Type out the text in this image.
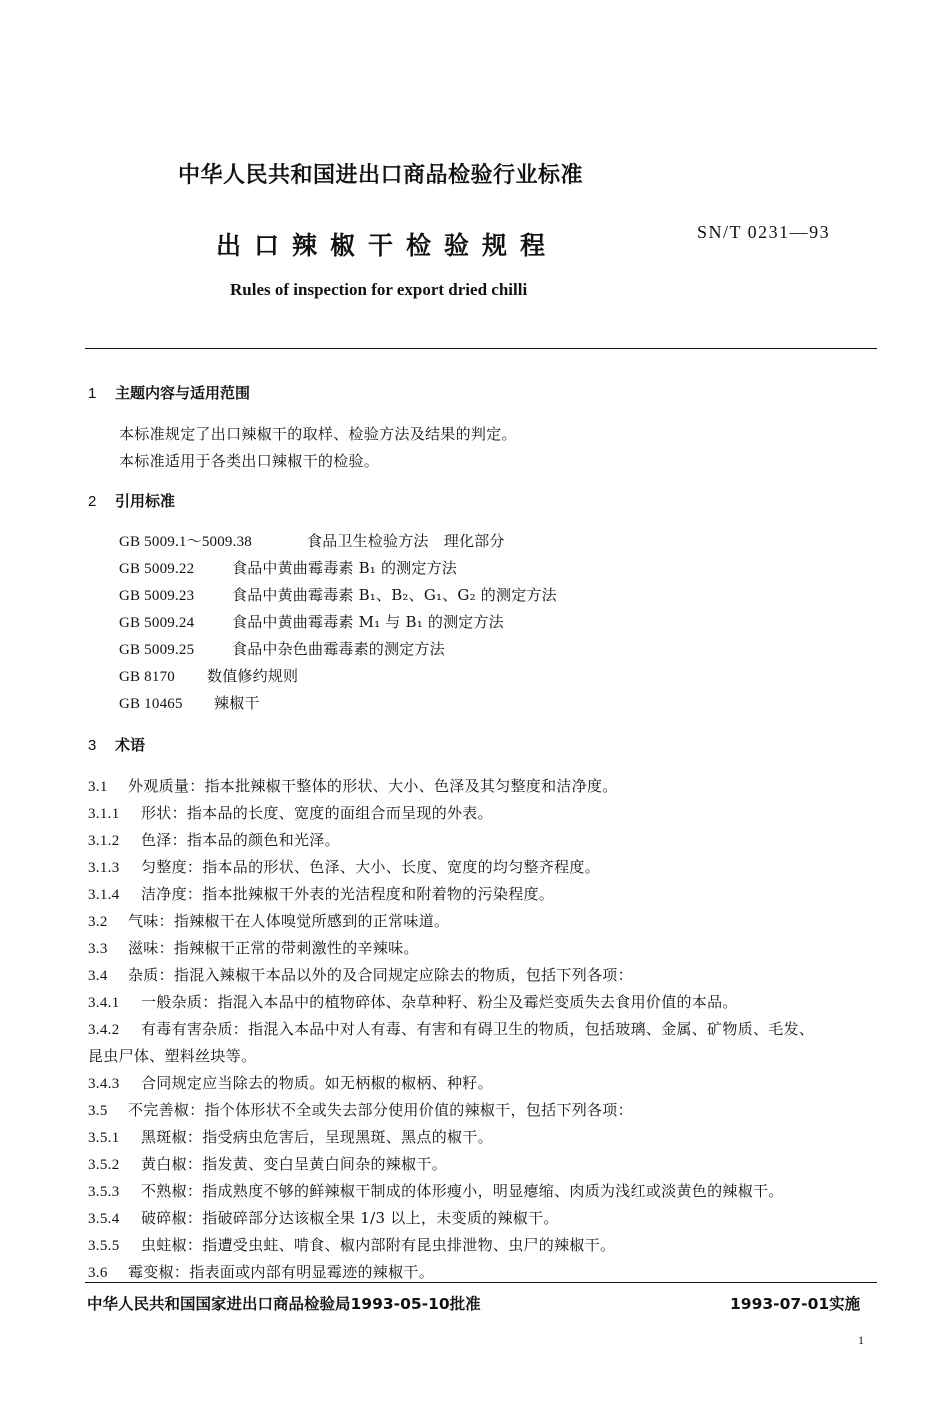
中华人民共和国进出口商品检验行业标准
出口辣椒干检验规程	SN/T 0231—93
Rules of inspection for export dried chilli
1 主题内容与适用范围
本标准规定了出口辣椒干的取样、检验方法及结果的判定。
本标准适用于各类出口辣椒干的检验。
2 引用标准
GB 5009.1～5009.38	食品卫生检验方法　理化部分
GB 5009.22	食品中黄曲霉毒素 B₁ 的测定方法
GB 5009.23	食品中黄曲霉毒素 B₁、B₂、G₁、G₂ 的测定方法
GB 5009.24	食品中黄曲霉毒素 M₁ 与 B₁ 的测定方法
GB 5009.25	食品中杂色曲霉毒素的测定方法
GB 8170 数值修约规则
GB 10465 辣椒干
3 术语
3.1 外观质量：指本批辣椒干整体的形状、大小、色泽及其匀整度和洁净度。
3.1.1 形状：指本品的长度、宽度的面组合而呈现的外表。
3.1.2 色泽：指本品的颜色和光泽。
3.1.3 匀整度：指本品的形状、色泽、大小、长度、宽度的均匀整齐程度。
3.1.4 洁净度：指本批辣椒干外表的光洁程度和附着物的污染程度。
3.2 气味：指辣椒干在人体嗅觉所感到的正常味道。
3.3 滋味：指辣椒干正常的带刺激性的辛辣味。
3.4 杂质：指混入辣椒干本品以外的及合同规定应除去的物质，包括下列各项：
3.4.1 一般杂质：指混入本品中的植物碎体、杂草种籽、粉尘及霉烂变质失去食用价值的本品。
3.4.2 有毒有害杂质：指混入本品中对人有毒、有害和有碍卫生的物质，包括玻璃、金属、矿物质、毛发、
昆虫尸体、塑料丝块等。
3.4.3 合同规定应当除去的物质。如无柄椒的椒柄、种籽。
3.5 不完善椒：指个体形状不全或失去部分使用价值的辣椒干，包括下列各项：
3.5.1 黑斑椒：指受病虫危害后，呈现黑斑、黑点的椒干。
3.5.2 黄白椒：指发黄、变白呈黄白间杂的辣椒干。
3.5.3 不熟椒：指成熟度不够的鲜辣椒干制成的体形瘦小，明显瘪缩、肉质为浅红或淡黄色的辣椒干。
3.5.4 破碎椒：指破碎部分达该椒全果 1/3 以上，未变质的辣椒干。
3.5.5 虫蛀椒：指遭受虫蛀、啃食、椒内部附有昆虫排泄物、虫尸的辣椒干。
3.6 霉变椒：指表面或内部有明显霉迹的辣椒干。
中华人民共和国国家进出口商品检验局1993-05-10批准	1993-07-01实施
1
